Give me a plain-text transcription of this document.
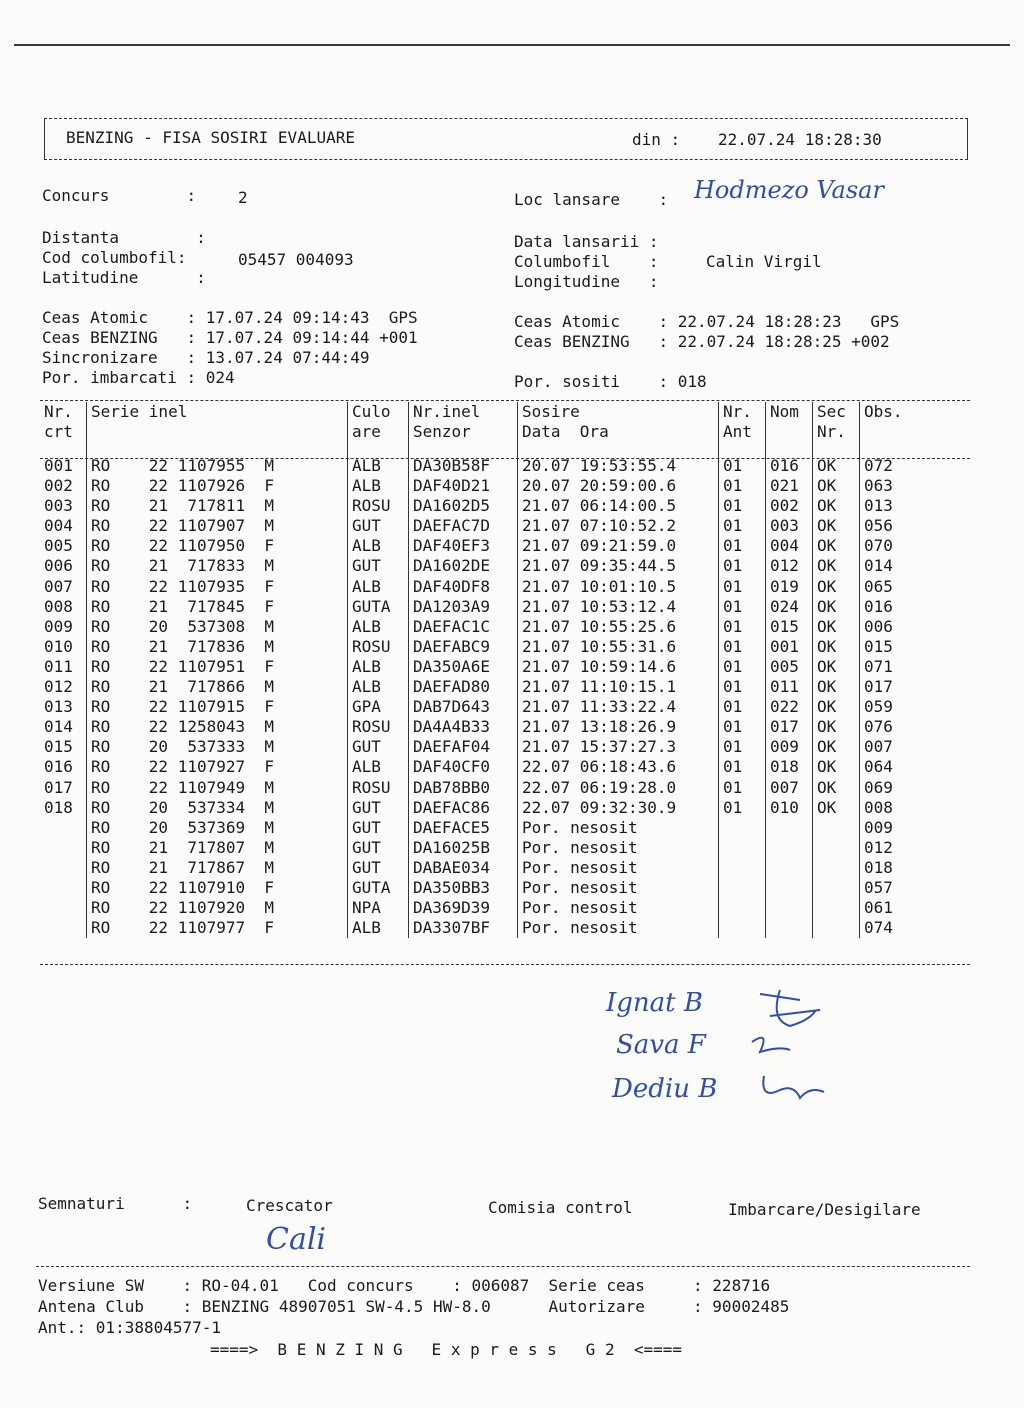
BENZING - FISA SOSIRI EVALUARE	din : 22.07.24 18:28:30
Concurs        :	2	Loc lansare    : Hodmezo Vasar
Distanta        :	Data lansarii :
Cod columbofil:	05457 004093	Columbofil    :	Calin Virgil
Latitudine      :	Longitudine   :
Ceas Atomic    : 17.07.24 09:14:43  GPS
Ceas BENZING   : 17.07.24 09:14:44 +001
Sincronizare   : 13.07.24 07:44:49
Por. imbarcati : 024
Ceas Atomic    : 22.07.24 18:28:23   GPS
Ceas BENZING   : 22.07.24 18:28:25 +002
Por. sositi    : 018
Nr.	Serie inel	Culo	Nr.inel	Sosire	Nr.	Nom	Sec	Obs.
crt		are	Senzor	Data  Ora	Ant		Nr.	

001	RO    22 1107955  M	ALB	DA30B58F	20.07 19:53:55.4	01	016	OK	072
002	RO    22 1107926  F	ALB	DAF40D21	20.07 20:59:00.6	01	021	OK	063
003	RO    21  717811  M	ROSU	DA1602D5	21.07 06:14:00.5	01	002	OK	013
004	RO    22 1107907  M	GUT	DAEFAC7D	21.07 07:10:52.2	01	003	OK	056
005	RO    22 1107950  F	ALB	DAF40EF3	21.07 09:21:59.0	01	004	OK	070
006	RO    21  717833  M	GUT	DA1602DE	21.07 09:35:44.5	01	012	OK	014
007	RO    22 1107935  F	ALB	DAF40DF8	21.07 10:01:10.5	01	019	OK	065
008	RO    21  717845  F	GUTA	DA1203A9	21.07 10:53:12.4	01	024	OK	016
009	RO    20  537308  M	ALB	DAEFAC1C	21.07 10:55:25.6	01	015	OK	006
010	RO    21  717836  M	ROSU	DAEFABC9	21.07 10:55:31.6	01	001	OK	015
011	RO    22 1107951  F	ALB	DA350A6E	21.07 10:59:14.6	01	005	OK	071
012	RO    21  717866  M	ALB	DAEFAD80	21.07 11:10:15.1	01	011	OK	017
013	RO    22 1107915  F	GPA	DAB7D643	21.07 11:33:22.4	01	022	OK	059
014	RO    22 1258043  M	ROSU	DA4A4B33	21.07 13:18:26.9	01	017	OK	076
015	RO    20  537333  M	GUT	DAEFAF04	21.07 15:37:27.3	01	009	OK	007
016	RO    22 1107927  F	ALB	DAF40CF0	22.07 06:18:43.6	01	018	OK	064
017	RO    22 1107949  M	ROSU	DAB78BB0	22.07 06:19:28.0	01	007	OK	069
018	RO    20  537334  M	GUT	DAEFAC86	22.07 09:32:30.9	01	010	OK	008
	RO    20  537369  M	GUT	DAEFACE5	Por. nesosit				009
	RO    21  717807  M	GUT	DA16025B	Por. nesosit				012
	RO    21  717867  M	GUT	DABAE034	Por. nesosit				018
	RO    22 1107910  F	GUTA	DA350BB3	Por. nesosit				057
	RO    22 1107920  M	NPA	DA369D39	Por. nesosit				061
	RO    22 1107977  F	ALB	DA3307BF	Por. nesosit				074
Ignat B
Sava F
Dediu B
Semnaturi      :	Crescator	Comisia control	Imbarcare/Desigilare
Cali
Versiune SW    : RO-04.01   Cod concurs    : 006087  Serie ceas     : 228716
Antena Club    : BENZING 48907051 SW-4.5 HW-8.0      Autorizare     : 90002485
Ant.: 01:38804577-1
====>  B E N Z I N G   E x p r e s s   G 2  <====
